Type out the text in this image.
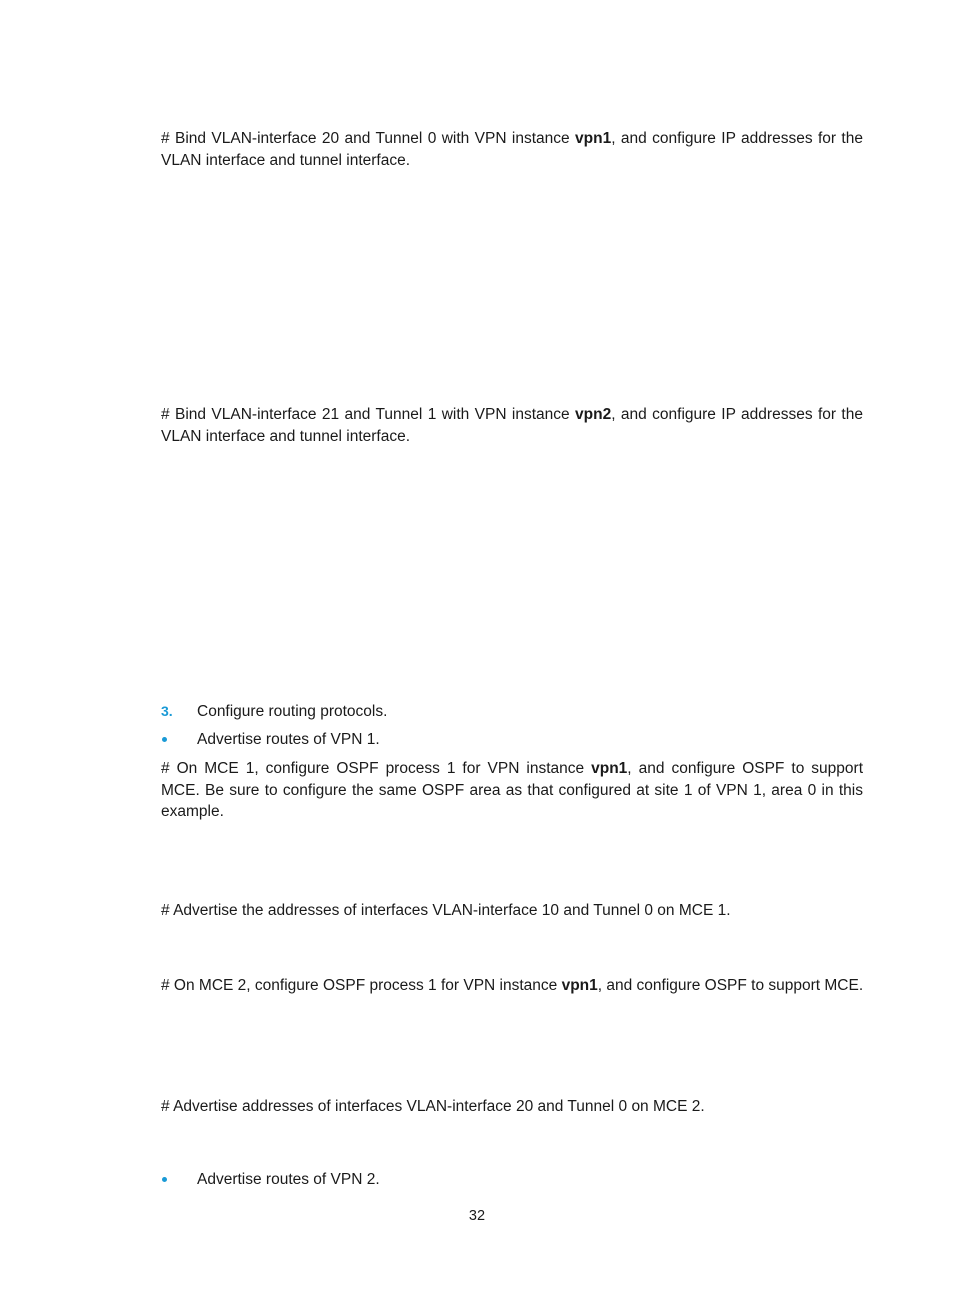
# Bind VLAN-interface 20 and Tunnel 0 with VPN instance vpn1, and configure IP addresses for the VLAN interface and tunnel interface.

# Bind VLAN-interface 21 and Tunnel 1 with VPN instance vpn2, and configure IP addresses for the VLAN interface and tunnel interface.

3. Configure routing protocols.
Advertise routes of VPN 1.

# On MCE 1, configure OSPF process 1 for VPN instance vpn1, and configure OSPF to support MCE. Be sure to configure the same OSPF area as that configured at site 1 of VPN 1, area 0 in this example.

# Advertise the addresses of interfaces VLAN-interface 10 and Tunnel 0 on MCE 1.

# On MCE 2, configure OSPF process 1 for VPN instance vpn1, and configure OSPF to support MCE.

# Advertise addresses of interfaces VLAN-interface 20 and Tunnel 0 on MCE 2.

Advertise routes of VPN 2.
32
